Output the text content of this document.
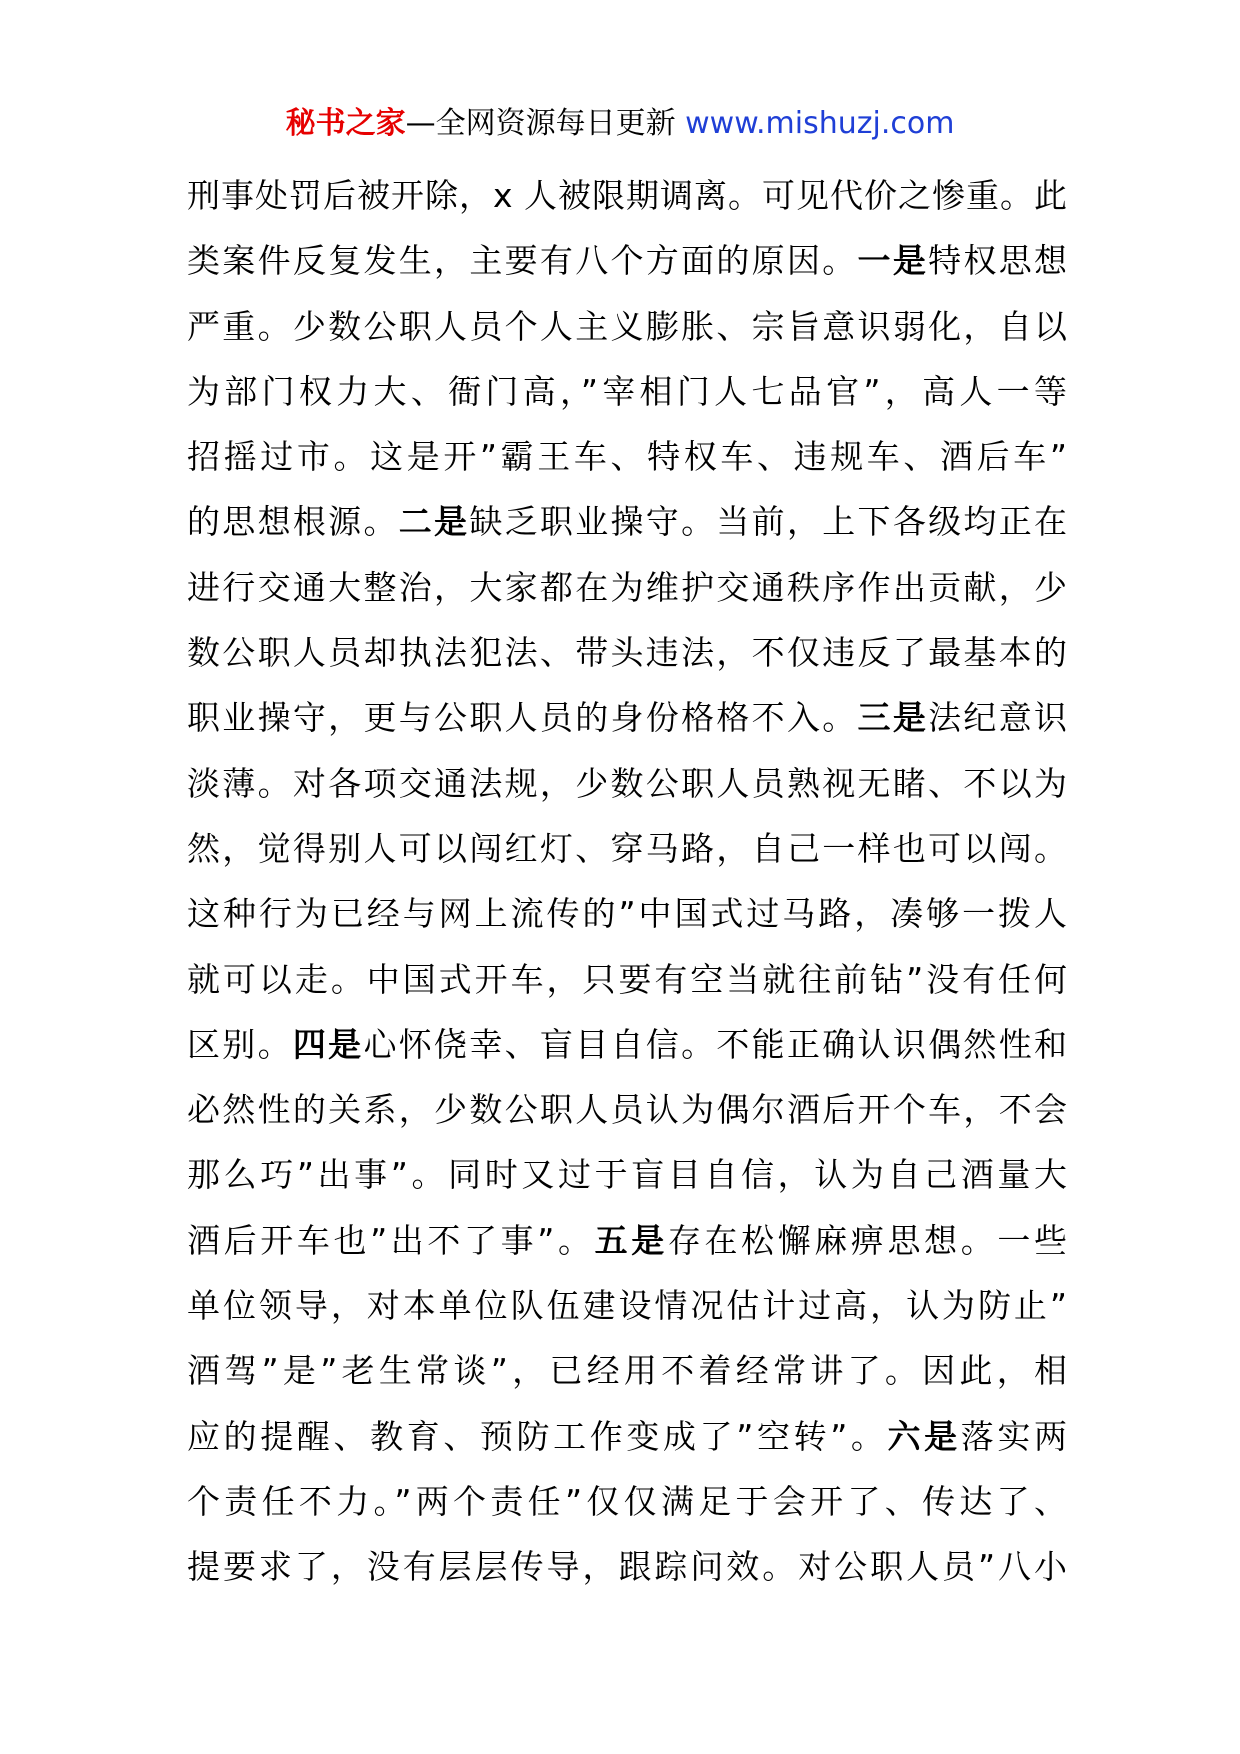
秘书之家—全网资源每日更新 www.mishuzj.com
刑事处罚后被开除，x 人被限期调离。可见代价之惨重。此
类案件反复发生，主要有八个方面的原因。一是特权思想
严重。少数公职人员个人主义膨胀、宗旨意识弱化，自以
为部门权力大、衙门高，”宰相门人七品官”，高人一等
招摇过市。这是开”霸王车、特权车、违规车、酒后车”
的思想根源。二是缺乏职业操守。当前，上下各级均正在
进行交通大整治，大家都在为维护交通秩序作出贡献，少
数公职人员却执法犯法、带头违法，不仅违反了最基本的
职业操守，更与公职人员的身份格格不入。三是法纪意识
淡薄。对各项交通法规，少数公职人员熟视无睹、不以为
然，觉得别人可以闯红灯、穿马路，自己一样也可以闯。
这种行为已经与网上流传的”中国式过马路，凑够一拨人
就可以走。中国式开车，只要有空当就往前钻”没有任何
区别。四是心怀侥幸、盲目自信。不能正确认识偶然性和
必然性的关系，少数公职人员认为偶尔酒后开个车，不会
那么巧”出事”。同时又过于盲目自信，认为自己酒量大
酒后开车也”出不了事”。五是存在松懈麻痹思想。一些
单位领导，对本单位队伍建设情况估计过高，认为防止”
酒驾”是”老生常谈”，已经用不着经常讲了。因此，相
应的提醒、教育、预防工作变成了”空转”。六是落实两
个责任不力。”两个责任”仅仅满足于会开了、传达了、
提要求了，没有层层传导，跟踪问效。对公职人员”八小
